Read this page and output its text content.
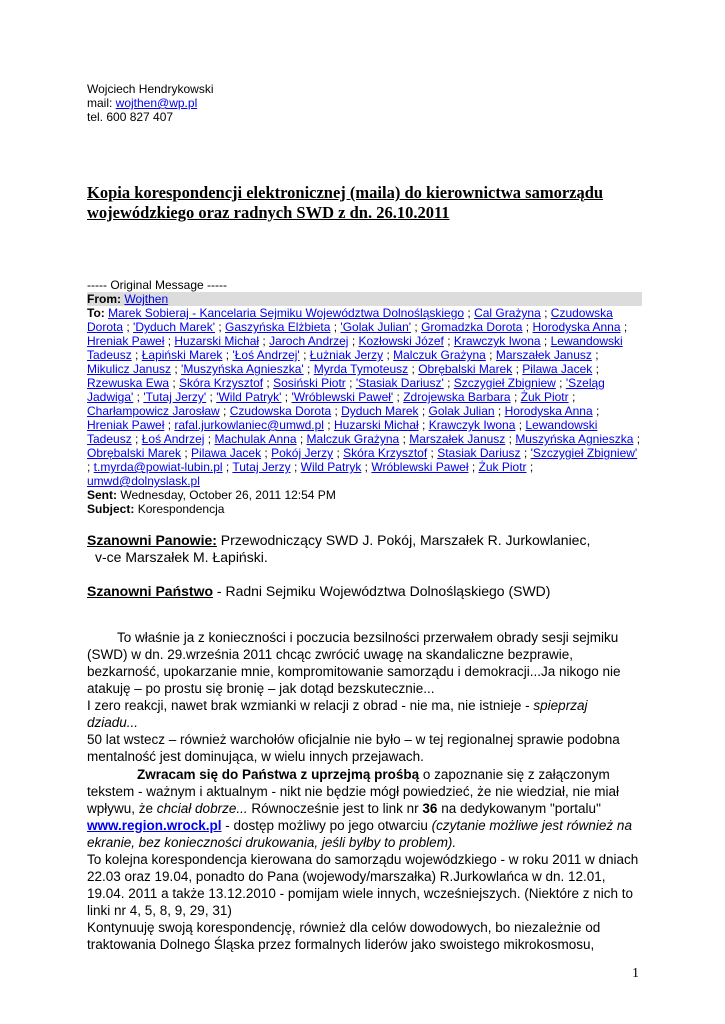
Wojciech Hendrykowski
mail: wojthen@wp.pl
tel. 600 827 407
Kopia korespondencji elektronicznej (maila) do kierownictwa samorządu wojewódzkiego oraz radnych SWD z dn. 26.10.2011
----- Original Message -----
From: Wojthen
To: Marek Sobieraj - Kancelaria Sejmiku Województwa Dolnośląskiego ; Cal Grażyna ; Czudowska Dorota ; 'Dyduch Marek' ; Gaszyńska Elżbieta ; 'Golak Julian' ; Gromadzka Dorota ; Horodyska Anna ; Hreniak Paweł ; Huzarski Michał ; Jaroch Andrzej ; Kozłowski Józef ; Krawczyk Iwona ; Lewandowski Tadeusz ; Łapiński Marek ; 'Łoś Andrzej' ; Łużniak Jerzy ; Malczuk Grażyna ; Marszałek Janusz ; Mikulicz Janusz ; 'Muszyńska Agnieszka' ; Myrda Tymoteusz ; Obrębalski Marek ; Pilawa Jacek ; Rzewuska Ewa ; Skóra Krzysztof ; Sosiński Piotr ; 'Stasiak Dariusz' ; Szczygieł Zbigniew ; 'Szeląg Jadwiga' ; 'Tutaj Jerzy' ; 'Wild Patryk' ; 'Wróblewski Paweł' ; Zdrojewska Barbara ; Żuk Piotr ; Charłampowicz Jarosław ; Czudowska Dorota ; Dyduch Marek ; Golak Julian ; Horodyska Anna ; Hreniak Paweł ; rafal.jurkowlaniec@umwd.pl ; Huzarski Michał ; Krawczyk Iwona ; Lewandowski Tadeusz ; Łoś Andrzej ; Machulak Anna ; Malczuk Grażyna ; Marszałek Janusz ; Muszyńska Agnieszka ; Obrębalski Marek ; Pilawa Jacek ; Pokój Jerzy ; Skóra Krzysztof ; Stasiak Dariusz ; 'Szczygieł Zbigniew' ; t.myrda@powiat-lubin.pl ; Tutaj Jerzy ; Wild Patryk ; Wróblewski Paweł ; Żuk Piotr ; umwd@dolnyslask.pl
Sent: Wednesday, October 26, 2011 12:54 PM
Subject: Korespondencja
Szanowni Panowie: Przewodniczący SWD J. Pokój, Marszałek R. Jurkowlaniec,
v-ce Marszałek M. Łapiński.
Szanowni Państwo - Radni Sejmiku Województwa Dolnośląskiego (SWD)
To właśnie ja z konieczności i poczucia bezsilności przerwałem obrady sesji sejmiku (SWD) w dn. 29.września 2011 chcąc zwrócić uwagę na skandaliczne bezprawie, bezkarność, upokarzanie mnie, kompromitowanie samorządu i demokracji...Ja nikogo nie atakuję – po prostu się bronię – jak dotąd bezskutecznie...
I zero reakcji, nawet brak wzmianki w relacji z obrad - nie ma, nie istnieje - spieprzaj dziadu...
50 lat wstecz – również warchołów oficjalnie nie było – w tej regionalnej sprawie podobna mentalność jest dominująca, w wielu innych przejawach.
Zwracam się do Państwa z uprzejmą prośbą o zapoznanie się z załączonym tekstem - ważnym i aktualnym - nikt nie będzie mógł powiedzieć, że nie wiedział, nie miał wpływu, że chciał dobrze... Równocześnie jest to link nr 36 na dedykowanym "portalu" www.region.wrock.pl - dostęp możliwy po jego otwarciu (czytanie możliwe jest również na ekranie, bez konieczności drukowania, jeśli byłby to problem).
To kolejna korespondencja kierowana do samorządu wojewódzkiego - w roku 2011 w dniach 22.03 oraz 19.04, ponadto do Pana (wojewody/marszałka) R.Jurkowlańca w dn. 12.01, 19.04. 2011 a także 13.12.2010 - pomijam wiele innych, wcześniejszych. (Niektóre z nich to linki nr 4, 5, 8, 9, 29, 31)
Kontynuuję swoją korespondencję, również dla celów dowodowych, bo niezależnie od traktowania Dolnego Śląska przez formalnych liderów jako swoistego mikrokosmosu,
1
